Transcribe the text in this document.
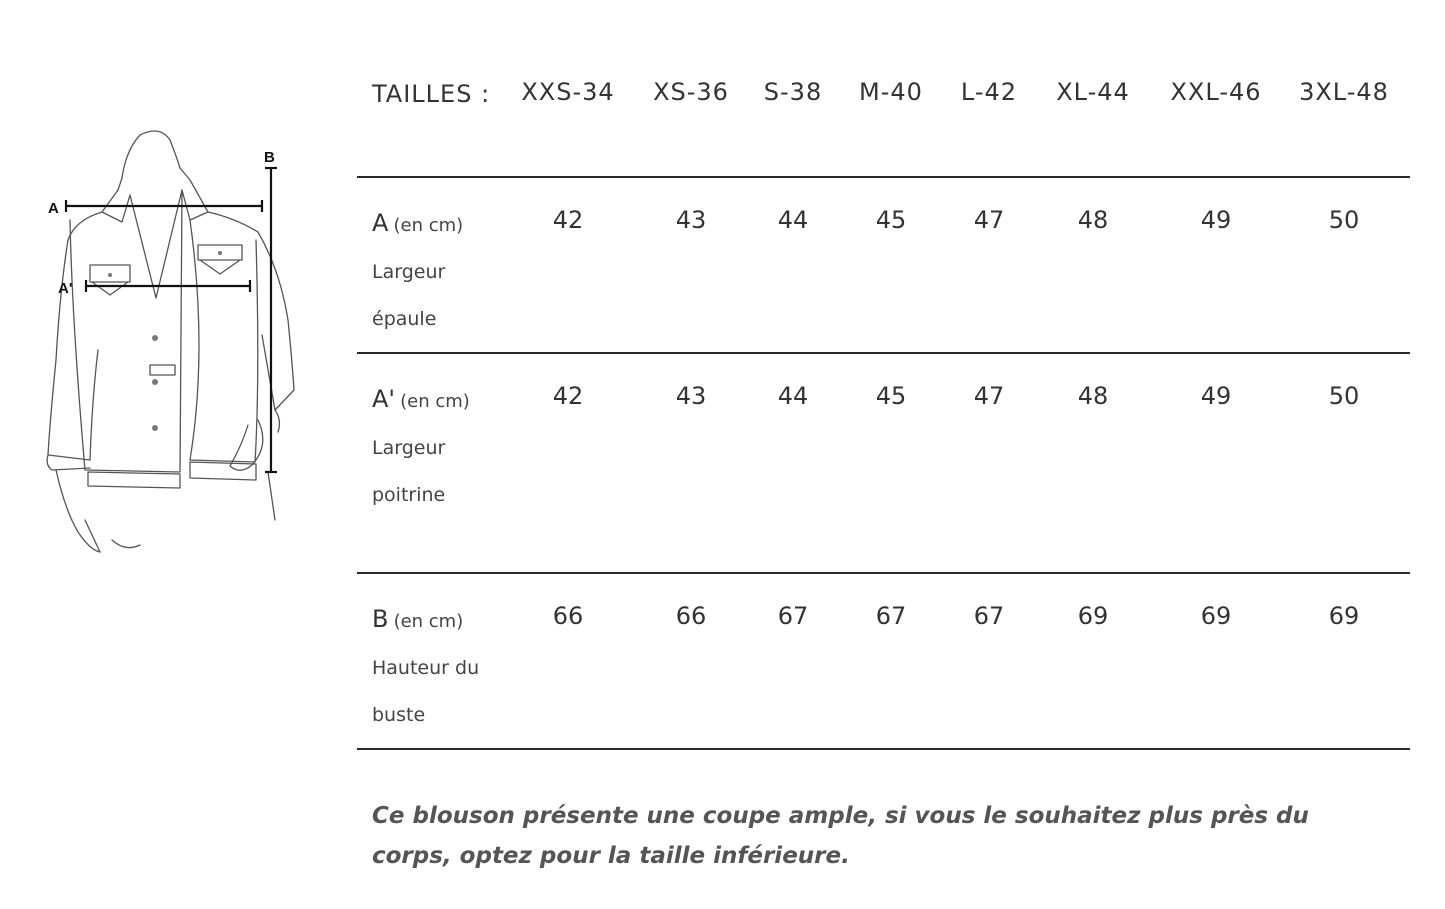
A
A'
B
TAILLES :	XXS-34	XS-36	S-38	M-40	L-42	XL-44	XXL-46	3XL-48

A (en cm)
Largeur épaule	42	43	44	45	47	48	49	50

A' (en cm)
Largeur poitrine	42	43	44	45	47	48	49	50

B (en cm)
Hauteur du buste	66	66	67	67	67	69	69	69

Ce blouson présente une coupe ample, si vous le souhaitez plus près du corps, optez pour la taille inférieure.
